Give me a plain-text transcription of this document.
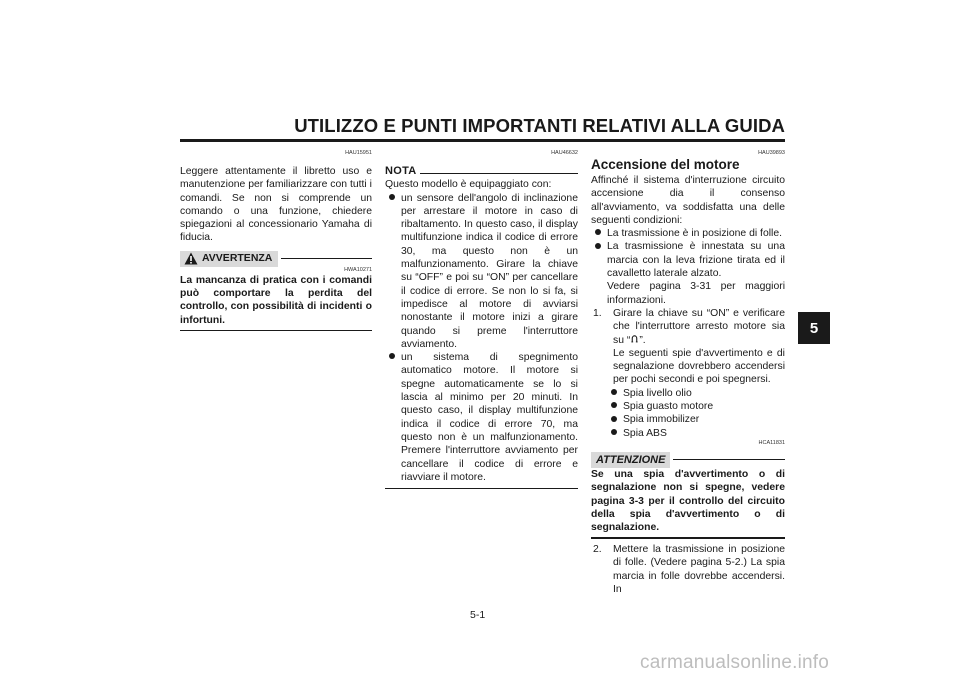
UTILIZZO E PUNTI IMPORTANTI RELATIVI ALLA GUIDA
HAU15951

Leggere attentamente il libretto uso e manutenzione per familiarizzare con tutti i comandi. Se non si comprende un comando o una funzione, chiedere spiegazioni al concessionario Yamaha di fiducia.

AVVERTENZA
HWA10271

La mancanza di pratica con i comandi può comportare la perdita del controllo, con possibilità di incidenti o infortuni.

HAU46632
NOTA

Questo modello è equipaggiato con:

un sensore dell'angolo di inclinazione per arrestare il motore in caso di ribaltamento. In questo caso, il display multifunzione indica il codice di errore 30, ma questo non è un malfunzionamento. Girare la chiave su “OFF” e poi su “ON” per cancellare il codice di errore. Se non lo si fa, si impedisce al motore di avviarsi nonostante il motore inizi a girare quando si preme l'interruttore avviamento.
un sistema di spegnimento automatico motore. Il motore si spegne automaticamente se lo si lascia al minimo per 20 minuti. In questo caso, il display multifunzione indica il codice di errore 70, ma questo non è un malfunzionamento. Premere l'interruttore avviamento per cancellare il codice di errore e riavviare il motore.
HAU39893
Accensione del motore

Affinché il sistema d'interruzione circuito accensione dia il consenso all'avviamento, va soddisfatta una delle seguenti condizioni:

La trasmissione è in posizione di folle.
La trasmissione è innestata su una marcia con la leva frizione tirata ed il cavalletto laterale alzato.
Vedere pagina 3-31 per maggiori informazioni.
1.	Girare la chiave su “ON” e verificare che l'interruttore arresto motore sia su “ ”.
Le seguenti spie d'avvertimento e di segnalazione dovrebbero accendersi per pochi secondi e poi spegnersi.
Spia livello olio
Spia guasto motore
Spia immobilizer
Spia ABS
HCA11831
ATTENZIONE

Se una spia d'avvertimento o di segnalazione non si spegne, vedere pagina 3-3 per il controllo del circuito della spia d'avvertimento o di segnalazione.

2.	Mettere la trasmissione in posizione di folle. (Vedere pagina 5-2.) La spia marcia in folle dovrebbe accendersi. In
5
5-1
carmanualsonline.info
